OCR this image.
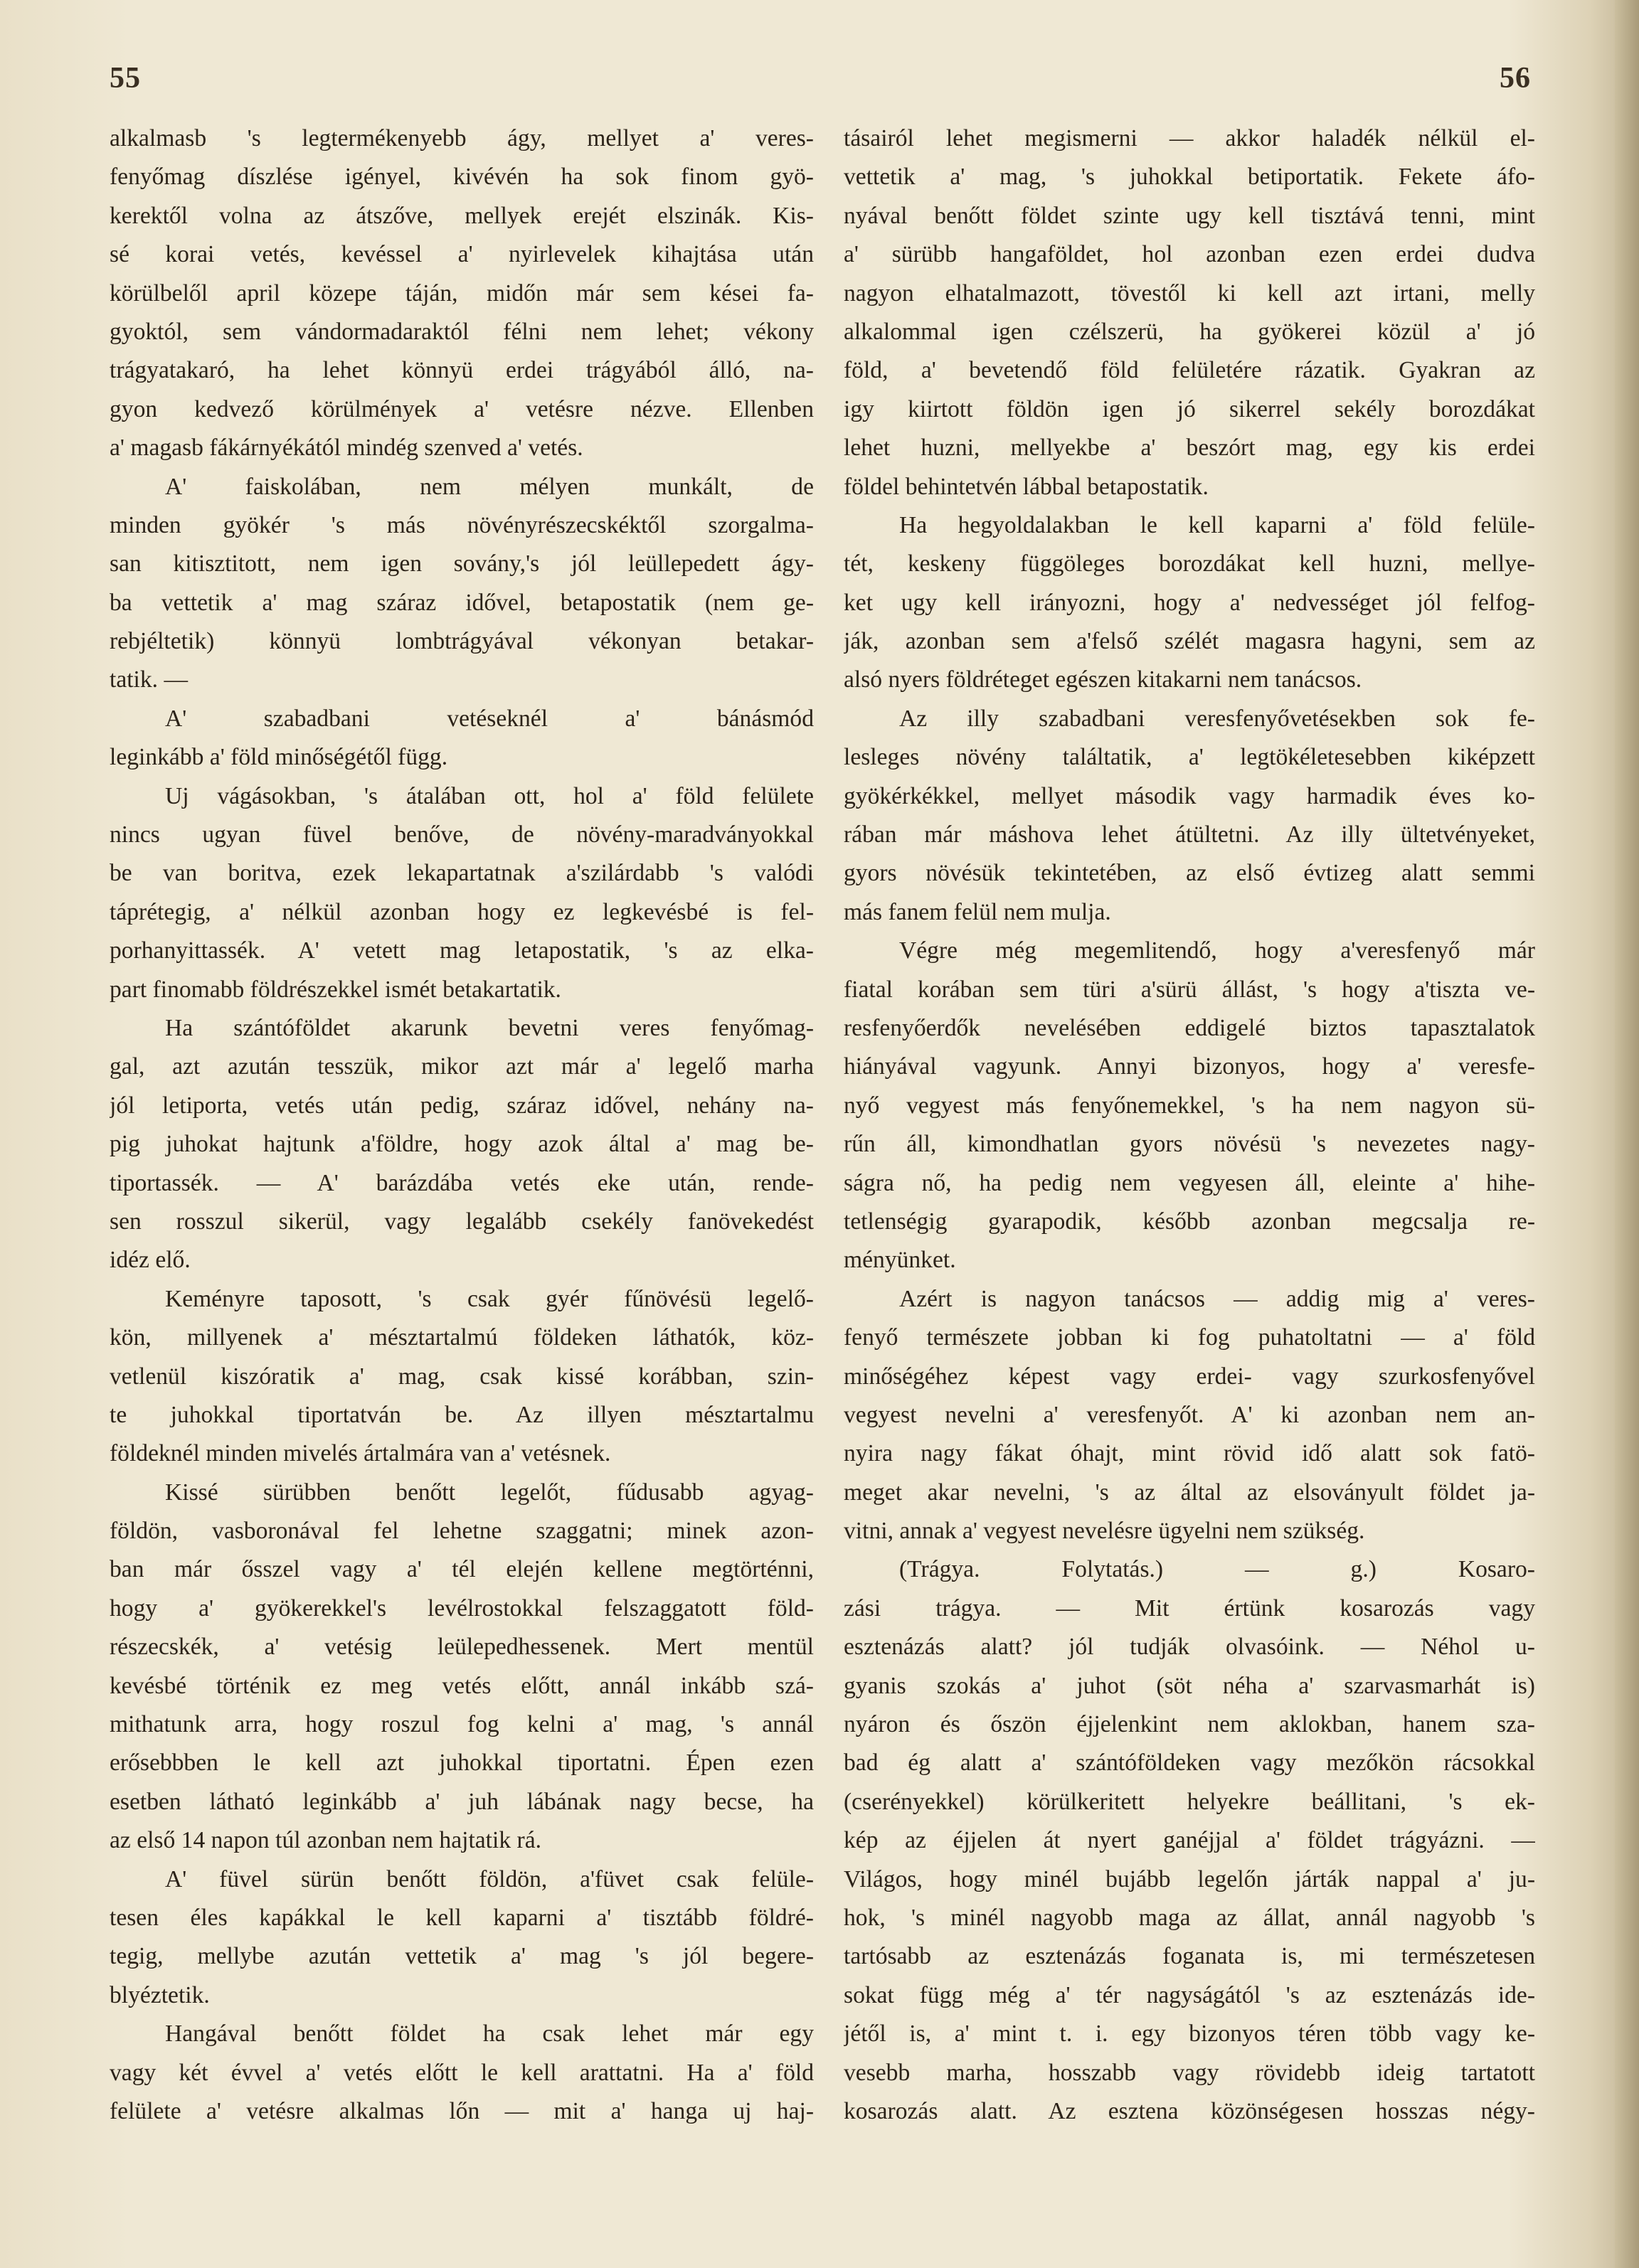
55	56
alkalmasb 's legtermékenyebb ágy, mellyet a' veres-
fenyőmag díszlése igényel, kivévén ha sok finom gyö-
kerektől volna az átszőve, mellyek erejét elszinák. Kis-
sé korai vetés, kevéssel a' nyirlevelek kihajtása után
körülbelől april közepe táján, midőn már sem kései fa-
gyoktól, sem vándormadaraktól félni nem lehet; vékony
trágyatakaró, ha lehet könnyü erdei trágyából álló, na-
gyon kedvező körülmények a' vetésre nézve. Ellenben
a' magasb fákárnyékától mindég szenved a' vetés.
A' faiskolában, nem mélyen munkált, de
minden gyökér 's más növényrészecskéktől szorgalma-
san kitisztitott, nem igen sovány,'s jól leüllepedett ágy-
ba vettetik a' mag száraz idővel, betapostatik (nem ge-
rebjéltetik) könnyü lombtrágyával vékonyan betakar-
tatik. —
A' szabadbani vetéseknél a' bánásmód
leginkább a' föld minőségétől függ.
Uj vágásokban, 's átalában ott, hol a' föld felülete
nincs ugyan füvel benőve, de növény-maradványokkal
be van boritva, ezek lekapartatnak a'szilárdabb 's valódi
táprétegig, a' nélkül azonban hogy ez legkevésbé is fel-
porhanyittassék. A' vetett mag letapostatik, 's az elka-
part finomabb földrészekkel ismét betakartatik.
Ha szántóföldet akarunk bevetni veres fenyőmag-
gal, azt azután tesszük, mikor azt már a' legelő marha
jól letiporta, vetés után pedig, száraz idővel, nehány na-
pig juhokat hajtunk a'földre, hogy azok által a' mag be-
tiportassék. — A' barázdába vetés eke után, rende-
sen rosszul sikerül, vagy legalább csekély fanövekedést
idéz elő.
Keményre taposott, 's csak gyér fűnövésü legelő-
kön, millyenek a' mésztartalmú földeken láthatók, köz-
vetlenül kiszóratik a' mag, csak kissé korábban, szin-
te juhokkal tiportatván be. Az illyen mésztartalmu
földeknél minden mivelés ártalmára van a' vetésnek.
Kissé sürübben benőtt legelőt, fűdusabb agyag-
földön, vasboronával fel lehetne szaggatni; minek azon-
ban már ősszel vagy a' tél elején kellene megtörténni,
hogy a' gyökerekkel's levélrostokkal felszaggatott föld-
részecskék, a' vetésig leülepedhessenek. Mert mentül
kevésbé történik ez meg vetés előtt, annál inkább szá-
mithatunk arra, hogy roszul fog kelni a' mag, 's annál
erősebbben le kell azt juhokkal tiportatni. Épen ezen
esetben látható leginkább a' juh lábának nagy becse, ha
az első 14 napon túl azonban nem hajtatik rá.
A' füvel sürün benőtt földön, a'füvet csak felüle-
tesen éles kapákkal le kell kaparni a' tisztább földré-
tegig, mellybe azután vettetik a' mag 's jól begere-
blyéztetik.
Hangával benőtt földet ha csak lehet már egy
vagy két évvel a' vetés előtt le kell arattatni. Ha a' föld
felülete a' vetésre alkalmas lőn — mit a' hanga uj haj-
tásairól lehet megismerni — akkor haladék nélkül el-
vettetik a' mag, 's juhokkal betiportatik. Fekete áfo-
nyával benőtt földet szinte ugy kell tisztává tenni, mint
a' sürübb hangaföldet, hol azonban ezen erdei dudva
nagyon elhatalmazott, tövestől ki kell azt irtani, melly
alkalommal igen czélszerü, ha gyökerei közül a' jó
föld, a' bevetendő föld felületére rázatik. Gyakran az
igy kiirtott földön igen jó sikerrel sekély borozdákat
lehet huzni, mellyekbe a' beszórt mag, egy kis erdei
földel behintetvén lábbal betapostatik.
Ha hegyoldalakban le kell kaparni a' föld felüle-
tét, keskeny függöleges borozdákat kell huzni, mellye-
ket ugy kell irányozni, hogy a' nedvességet jól felfog-
ják, azonban sem a'felső szélét magasra hagyni, sem az
alsó nyers földréteget egészen kitakarni nem tanácsos.
Az illy szabadbani veresfenyővetésekben sok fe-
lesleges növény találtatik, a' legtökéletesebben kiképzett
gyökérkékkel, mellyet második vagy harmadik éves ko-
rában már máshova lehet átültetni. Az illy ültetvényeket,
gyors növésük tekintetében, az első évtizeg alatt semmi
más fanem felül nem mulja.
Végre még megemlitendő, hogy a'veresfenyő már
fiatal korában sem türi a'sürü állást, 's hogy a'tiszta ve-
resfenyőerdők nevelésében eddigelé biztos tapasztalatok
hiányával vagyunk. Annyi bizonyos, hogy a' veresfe-
nyő vegyest más fenyőnemekkel, 's ha nem nagyon sü-
rűn áll, kimondhatlan gyors növésü 's nevezetes nagy-
ságra nő, ha pedig nem vegyesen áll, eleinte a' hihe-
tetlenségig gyarapodik, később azonban megcsalja re-
ményünket.
Azért is nagyon tanácsos — addig mig a' veres-
fenyő természete jobban ki fog puhatoltatni — a' föld
minőségéhez képest vagy erdei- vagy szurkosfenyővel
vegyest nevelni a' veresfenyőt. A' ki azonban nem an-
nyira nagy fákat óhajt, mint rövid idő alatt sok fatö-
meget akar nevelni, 's az által az elsoványult földet ja-
vitni, annak a' vegyest nevelésre ügyelni nem szükség.
(Trágya. Folytatás.) — g.) Kosaro-
zási trágya. — Mit értünk kosarozás vagy
esztenázás alatt? jól tudják olvasóink. — Néhol u-
gyanis szokás a' juhot (söt néha a' szarvasmarhát is)
nyáron és őszön éjjelenkint nem aklokban, hanem sza-
bad ég alatt a' szántóföldeken vagy mezőkön rácsokkal
(cserényekkel) körülkeritett helyekre beállitani, 's ek-
kép az éjjelen át nyert ganéjjal a' földet trágyázni. —
Világos, hogy minél bujább legelőn járták nappal a' ju-
hok, 's minél nagyobb maga az állat, annál nagyobb 's
tartósabb az esztenázás foganata is, mi természetesen
sokat függ még a' tér nagyságától 's az esztenázás ide-
jétől is, a' mint t. i. egy bizonyos téren több vagy ke-
vesebb marha, hosszabb vagy rövidebb ideig tartatott
kosarozás alatt. Az esztena közönségesen hosszas négy-
